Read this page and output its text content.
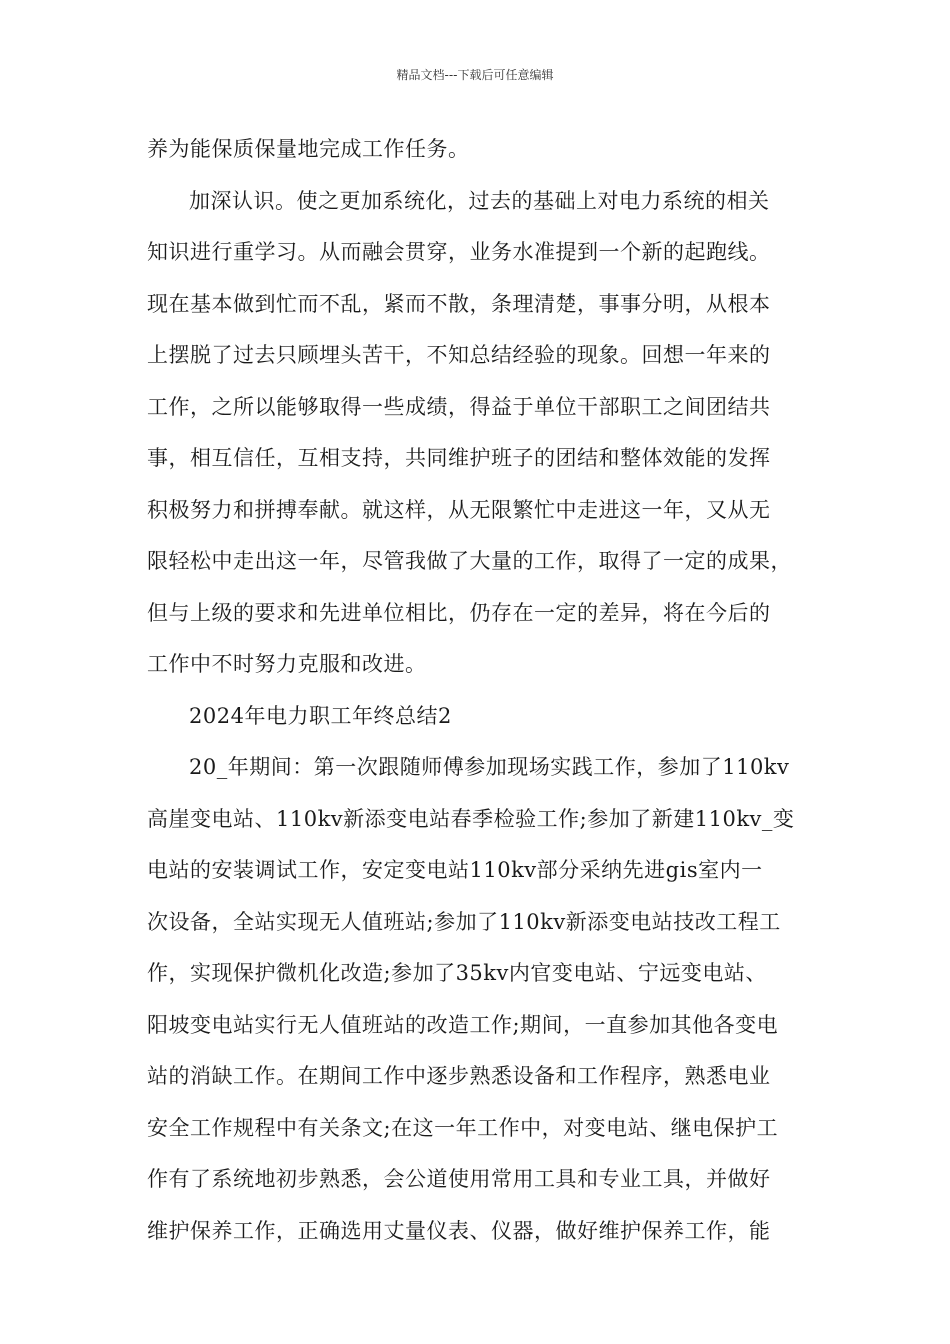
精品文档---下载后可任意编辑
养为能保质保量地完成工作任务。
加深认识。使之更加系统化，过去的基础上对电力系统的相关
知识进行重学习。从而融会贯穿，业务水准提到一个新的起跑线。
现在基本做到忙而不乱，紧而不散，条理清楚，事事分明，从根本
上摆脱了过去只顾埋头苦干，不知总结经验的现象。回想一年来的
工作，之所以能够取得一些成绩，得益于单位干部职工之间团结共
事，相互信任，互相支持，共同维护班子的团结和整体效能的发挥
积极努力和拼搏奉献。就这样，从无限繁忙中走进这一年，又从无
限轻松中走出这一年，尽管我做了大量的工作，取得了一定的成果，
但与上级的要求和先进单位相比，仍存在一定的差异，将在今后的
工作中不时努力克服和改进。
2024年电力职工年终总结2
20_年期间：第一次跟随师傅参加现场实践工作，参加了110kv
高崖变电站、110kv新添变电站春季检验工作;参加了新建110kv_变
电站的安装调试工作，安定变电站110kv部分采纳先进gis室内一
次设备，全站实现无人值班站;参加了110kv新添变电站技改工程工
作，实现保护微机化改造;参加了35kv内官变电站、宁远变电站、
阳坡变电站实行无人值班站的改造工作;期间，一直参加其他各变电
站的消缺工作。在期间工作中逐步熟悉设备和工作程序，熟悉电业
安全工作规程中有关条文;在这一年工作中，对变电站、继电保护工
作有了系统地初步熟悉，会公道使用常用工具和专业工具，并做好
维护保养工作，正确选用丈量仪表、仪器，做好维护保养工作，能
